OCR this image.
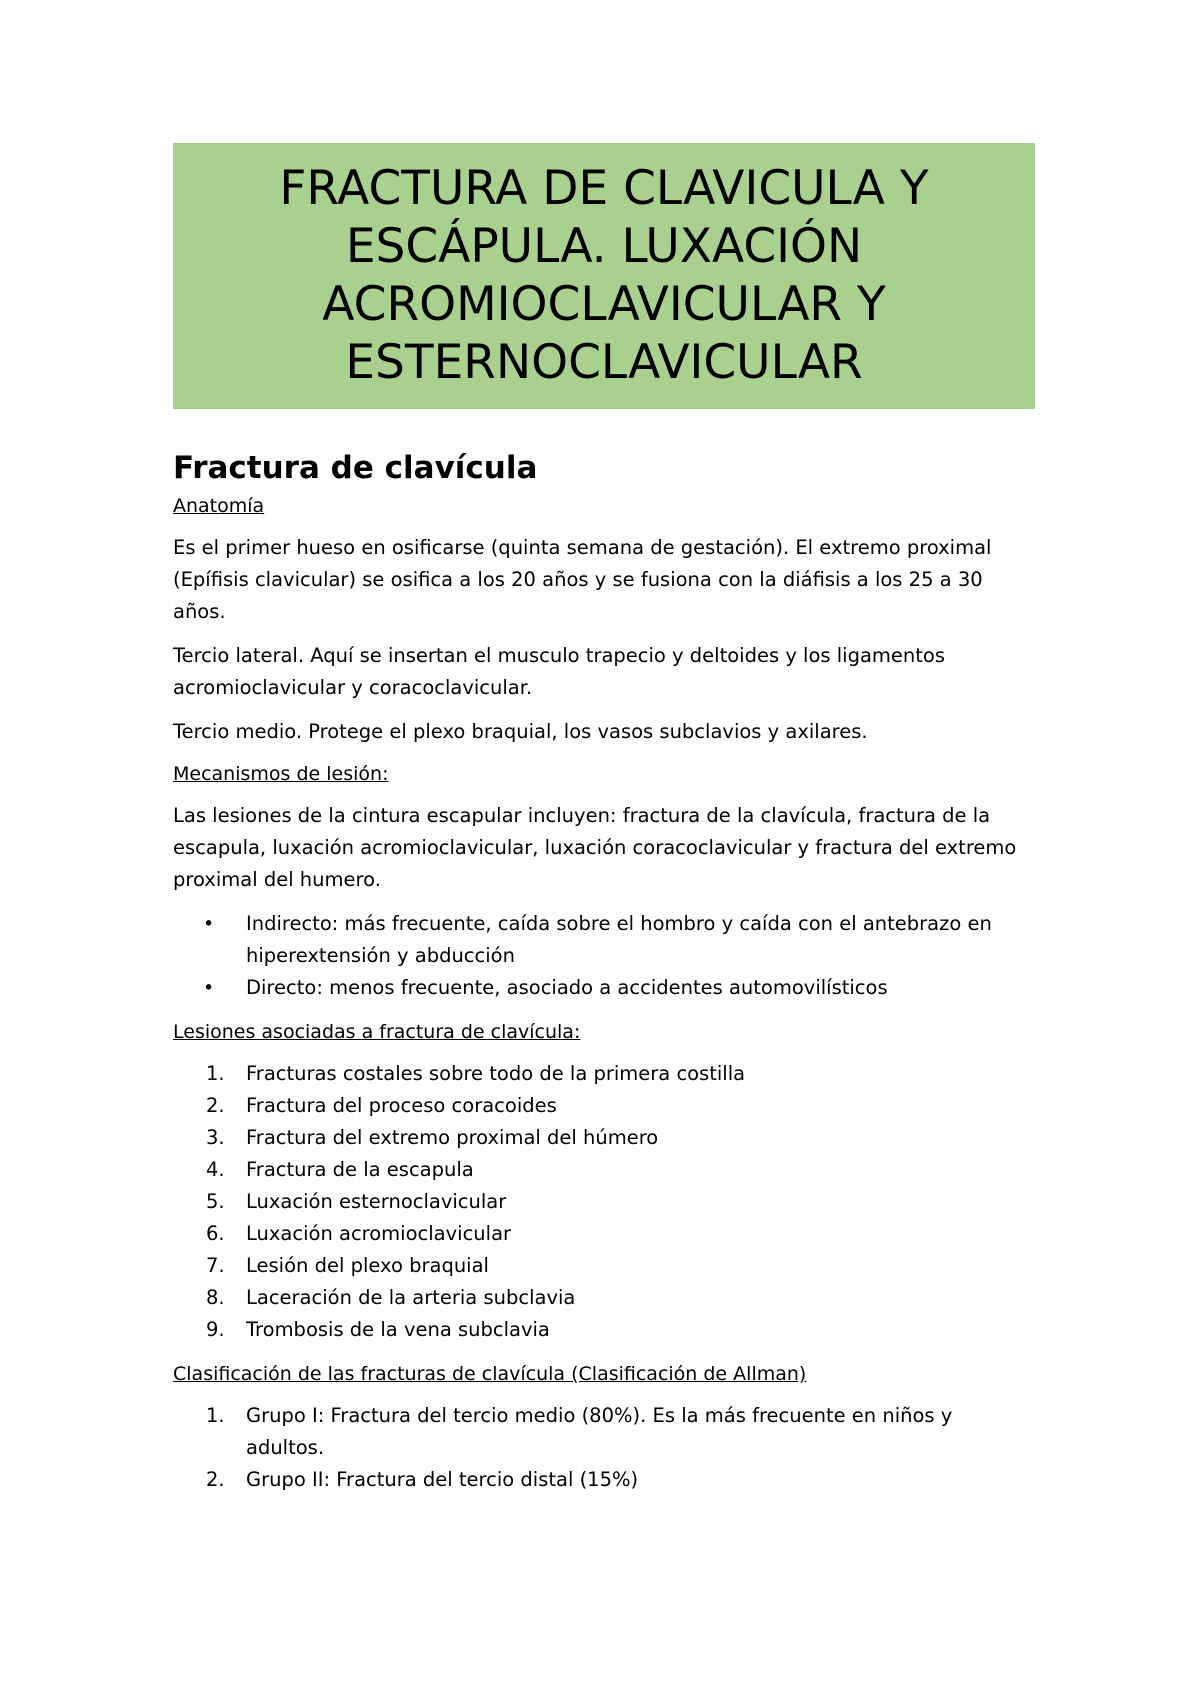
FRACTURA DE CLAVICULA Y
ESCÁPULA. LUXACIÓN
ACROMIOCLAVICULAR Y
ESTERNOCLAVICULAR
Fractura de clavícula
Anatomía

Es el primer hueso en osificarse (quinta semana de gestación). El extremo proximal (Epífisis clavicular) se osifica a los 20 años y se fusiona con la diáfisis a los 25 a 30 años.

Tercio lateral. Aquí se insertan el musculo trapecio y deltoides y los ligamentos acromioclavicular y coracoclavicular.

Tercio medio. Protege el plexo braquial, los vasos subclavios y axilares.

Mecanismos de lesión:

Las lesiones de la cintura escapular incluyen: fractura de la clavícula, fractura de la escapula, luxación acromioclavicular, luxación coracoclavicular y fractura del extremo proximal del humero.

• Indirecto: más frecuente, caída sobre el hombro y caída con el antebrazo en hiperextensión y abducción
• Directo: menos frecuente, asociado a accidentes automovilísticos
Lesiones asociadas a fractura de clavícula:
1. Fracturas costales sobre todo de la primera costilla
2. Fractura del proceso coracoides
3. Fractura del extremo proximal del húmero
4. Fractura de la escapula
5. Luxación esternoclavicular
6. Luxación acromioclavicular
7. Lesión del plexo braquial
8. Laceración de la arteria subclavia
9. Trombosis de la vena subclavia
Clasificación de las fracturas de clavícula (Clasificación de Allman)
1. Grupo I: Fractura del tercio medio (80%). Es la más frecuente en niños y adultos.
2. Grupo II: Fractura del tercio distal (15%)
